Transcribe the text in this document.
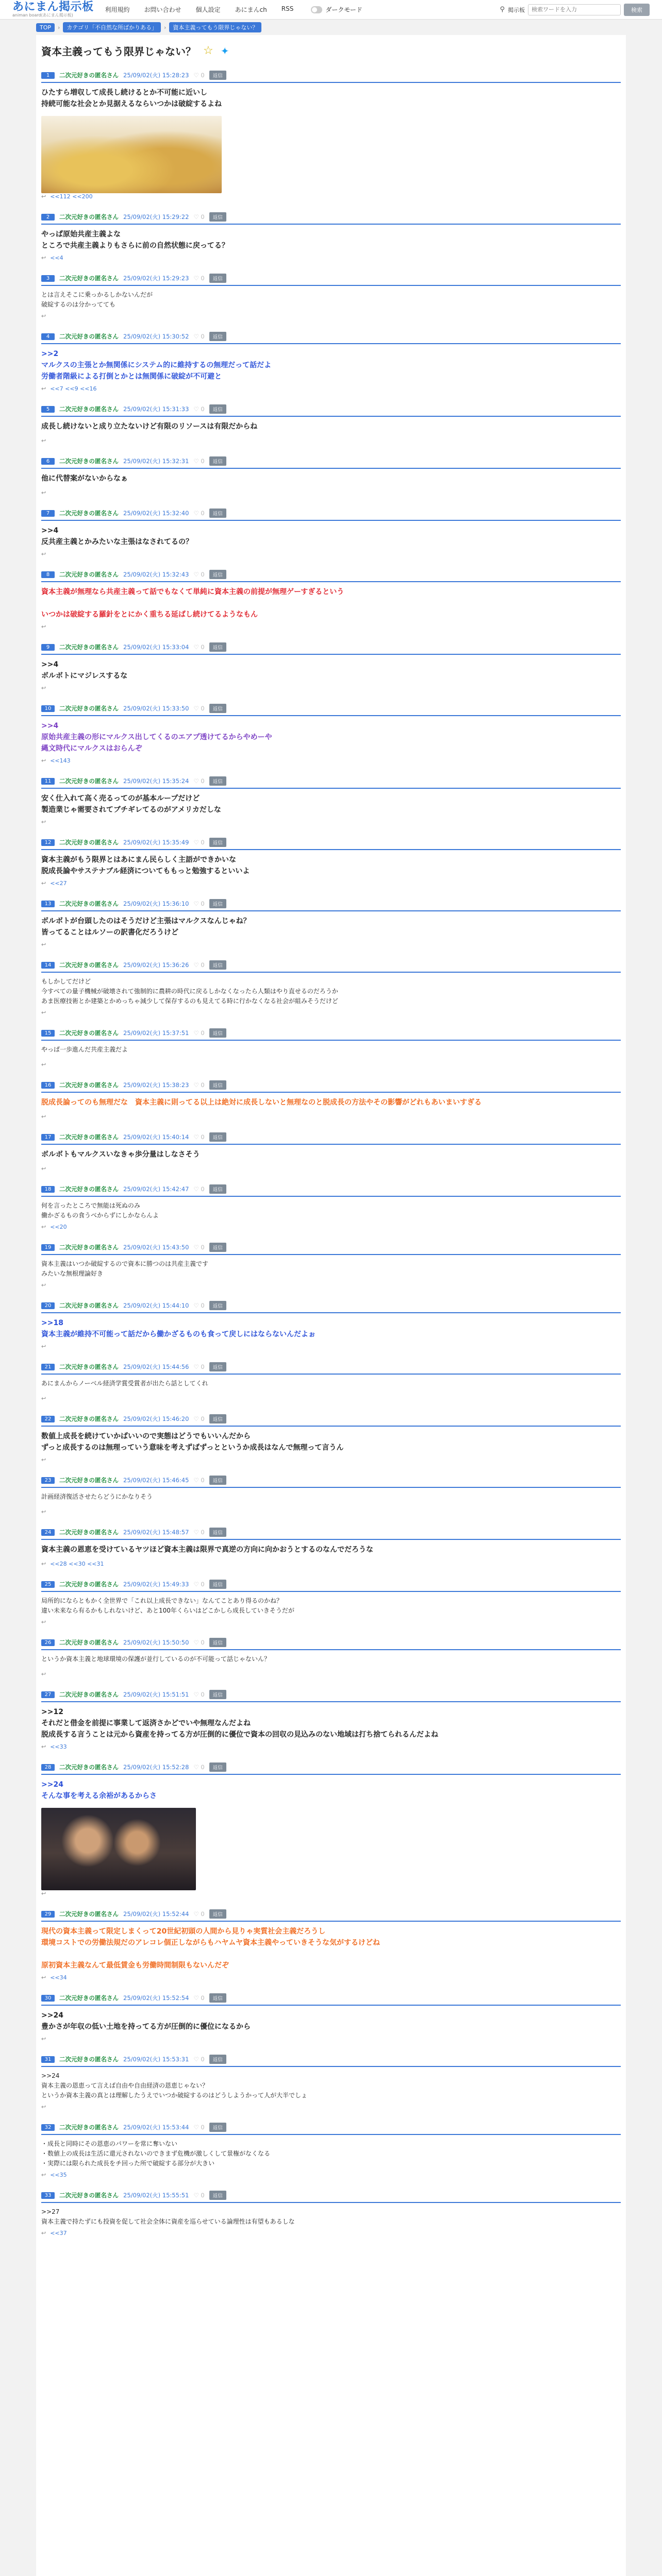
あにまん掲示板
animan board(あにまん掲示板)
利用規約 お問い合わせ 個人設定 あにまんch RSS	ダークモード	⚲ 掲示板
検索ワードを入力	検索
TOP	›	カテゴリ「不自然な所ばかりある」	›	資本主義ってもう限界じゃない？
資本主義ってもう限界じゃない？ ☆ ✦
1	二次元好きの匿名さん 25/09/02(火) 15:28:23 ♡ 0	返信
ひたすら増収して成長し続けるとか不可能に近いし
持続可能な社会とか見据えるならいつかは破綻するよね
↩ <<112 <<200
2	二次元好きの匿名さん 25/09/02(火) 15:29:22 ♡ 0	返信
やっぱ原始共産主義よな
ところで共産主義よりもさらに前の自然状態に戻ってる？
↩ <<4
3	二次元好きの匿名さん 25/09/02(火) 15:29:23 ♡ 0	返信
とは言えそこに乗っかるしかないんだが
破綻するのは分かってても
↩
4	二次元好きの匿名さん 25/09/02(火) 15:30:52 ♡ 0	返信
>>2
マルクスの主張とか無関係にシステム的に維持するの無理だって話だよ
労働者階級による打倒とかとは無関係に破綻が不可避と
↩ <<7 <<9 <<16
5	二次元好きの匿名さん 25/09/02(火) 15:31:33 ♡ 0	返信
成長し続けないと成り立たないけど有限のリソースは有限だからね
↩
6	二次元好きの匿名さん 25/09/02(火) 15:32:31 ♡ 0	返信
他に代替案がないからなぁ
↩
7	二次元好きの匿名さん 25/09/02(火) 15:32:40 ♡ 0	返信
>>4
反共産主義とかみたいな主張はなされてるの？
↩
8	二次元好きの匿名さん 25/09/02(火) 15:32:43 ♡ 0	返信
資本主義が無理なら共産主義って話でもなくて単純に資本主義の前提が無理ゲーすぎるという

いつかは破綻する羅針をとにかく重ちる延ばし続けてるようなもん
↩
9	二次元好きの匿名さん 25/09/02(火) 15:33:04 ♡ 0	返信
>>4
ボルボトにマジレスするな
↩
10	二次元好きの匿名さん 25/09/02(火) 15:33:50 ♡ 0	返信
>>4
原始共産主義の形にマルクス出してくるのエアプ透けてるからやめーや
縄文時代にマルクスはおらんぞ
↩ <<143
11	二次元好きの匿名さん 25/09/02(火) 15:35:24 ♡ 0	返信
安く仕入れて高く売るってのが基本ループだけど
製造業じゃ需要されてブチギレてるのがアメリカだしな
↩
12	二次元好きの匿名さん 25/09/02(火) 15:35:49 ♡ 0	返信
資本主義がもう限界とはあにまん民らしく主語ができかいな
脱成長論やサステナブル経済についてももっと勉強するといいよ
↩ <<27
13	二次元好きの匿名さん 25/09/02(火) 15:36:10 ♡ 0	返信
ボルボトが台頭したのはそうだけど主張はマルクスなんじゃね？
皆ってることはルソーの訳書化だろうけど
↩
14	二次元好きの匿名さん 25/09/02(火) 15:36:26 ♡ 0	返信
もしかしてだけど
今すべての量子機械が破壊されて強制的に農耕の時代に戻るしかなくなったら人類はやり直せるのだろうか
あま医療技術とか建築とかめっちゃ減少して保存するのも見えてる時に行かなくなる社会が組みそうだけど
↩
15	二次元好きの匿名さん 25/09/02(火) 15:37:51 ♡ 0	返信
やっぱ一歩進んだ共産主義だよ
↩
16	二次元好きの匿名さん 25/09/02(火) 15:38:23 ♡ 0	返信
脱成長論ってのも無理だな　資本主義に則ってる以上は絶対に成長しないと無理なのと脱成長の方法やその影響がどれもあいまいすぎる
↩
17	二次元好きの匿名さん 25/09/02(火) 15:40:14 ♡ 0	返信
ボルボトもマルクスいなきゃ歩分量はしなさそう
↩
18	二次元好きの匿名さん 25/09/02(火) 15:42:47 ♡ 0	返信
何を言ったところで無能は死ぬのみ
働かざるもの食うべからずにしかならんよ
↩ <<20
19	二次元好きの匿名さん 25/09/02(火) 15:43:50 ♡ 0	返信
資本主義はいつか破綻するので資本に勝つのは共産主義です
みたいな無根理論好き
↩
20	二次元好きの匿名さん 25/09/02(火) 15:44:10 ♡ 0	返信
>>18
資本主義が維持不可能って話だから働かざるものも食って戻しにはならないんだよぉ
↩
21	二次元好きの匿名さん 25/09/02(火) 15:44:56 ♡ 0	返信
あにまんからノーベル経済学賞受賞者が出たら話としてくれ
↩
22	二次元好きの匿名さん 25/09/02(火) 15:46:20 ♡ 0	返信
数値上成長を続けていかばいいので実態はどうでもいいんだから
ずっと成長するのは無理っていう意味を考えずばずっとというか成長はなんで無理って言うん
↩
23	二次元好きの匿名さん 25/09/02(火) 15:46:45 ♡ 0	返信
計画経済復活させたらどうにかなりそう
↩
24	二次元好きの匿名さん 25/09/02(火) 15:48:57 ♡ 0	返信
資本主義の恩恵を受けているヤツほど資本主義は限界で真逆の方向に向かおうとするのなんでだろうな
↩ <<28 <<30 <<31
25	二次元好きの匿名さん 25/09/02(火) 15:49:33 ♡ 0	返信
局所的にならともかく全世界で「これ以上成長できない」なんてことあり得るのかね？
違い未来なら有るかもしれないけど、あと100年くらいはどこかしら成長していきそうだが
↩
26	二次元好きの匿名さん 25/09/02(火) 15:50:50 ♡ 0	返信
というか資本主義と地球環境の保護が並行しているのが不可能って話じゃないん？
↩
27	二次元好きの匿名さん 25/09/02(火) 15:51:51 ♡ 0	返信
>>12
それだと借金を前提に事業して返済さかどでいや無理なんだよね
脱成長する言うことは元から資産を持ってる方が圧倒的に優位で資本の回収の見込みのない地域は打ち捨てられるんだよね
↩ <<33
28	二次元好きの匿名さん 25/09/02(火) 15:52:28 ♡ 0	返信
>>24
そんな事を考える余裕があるからさ
↩
29	二次元好きの匿名さん 25/09/02(火) 15:52:44 ♡ 0	返信
現代の資本主義って限定しまくって20世紀初頭の人間から見りゃ実質社会主義だろうし
環境コストでの労働法規だのアレコレ個正しながらもハヤムヤ資本主義やっていきそうな気がするけどね

原初資本主義なんて最低賃金も労働時間制限もないんだぞ
↩ <<34
30	二次元好きの匿名さん 25/09/02(火) 15:52:54 ♡ 0	返信
>>24
豊かさが年収の低い土地を持ってる方が圧倒的に優位になるから
↩
31	二次元好きの匿名さん 25/09/02(火) 15:53:31 ♡ 0	返信
>>24
資本主義の恩恵って言えば自由や自由経済の恩恵じゃない？
というか資本主義の真とは理解したうえでいつか破綻するのはどうしようかって人が大半でしょ
↩
32	二次元好きの匿名さん 25/09/02(火) 15:53:44 ♡ 0	返信
・成長と同時にその恩恵のパワーを常に奪いない
・数値上の成長は生活に還元されないのできまず危機が激しくして景権がなくなる
・実際には限られた成長をチ回った所で破綻する部分が大きい
↩ <<35
33	二次元好きの匿名さん 25/09/02(火) 15:55:51 ♡ 0	返信
>>27
資本主義で持たずにも投資を促して社会全体に資産を巡らせている論理性は有望もあるしな
↩ <<37
